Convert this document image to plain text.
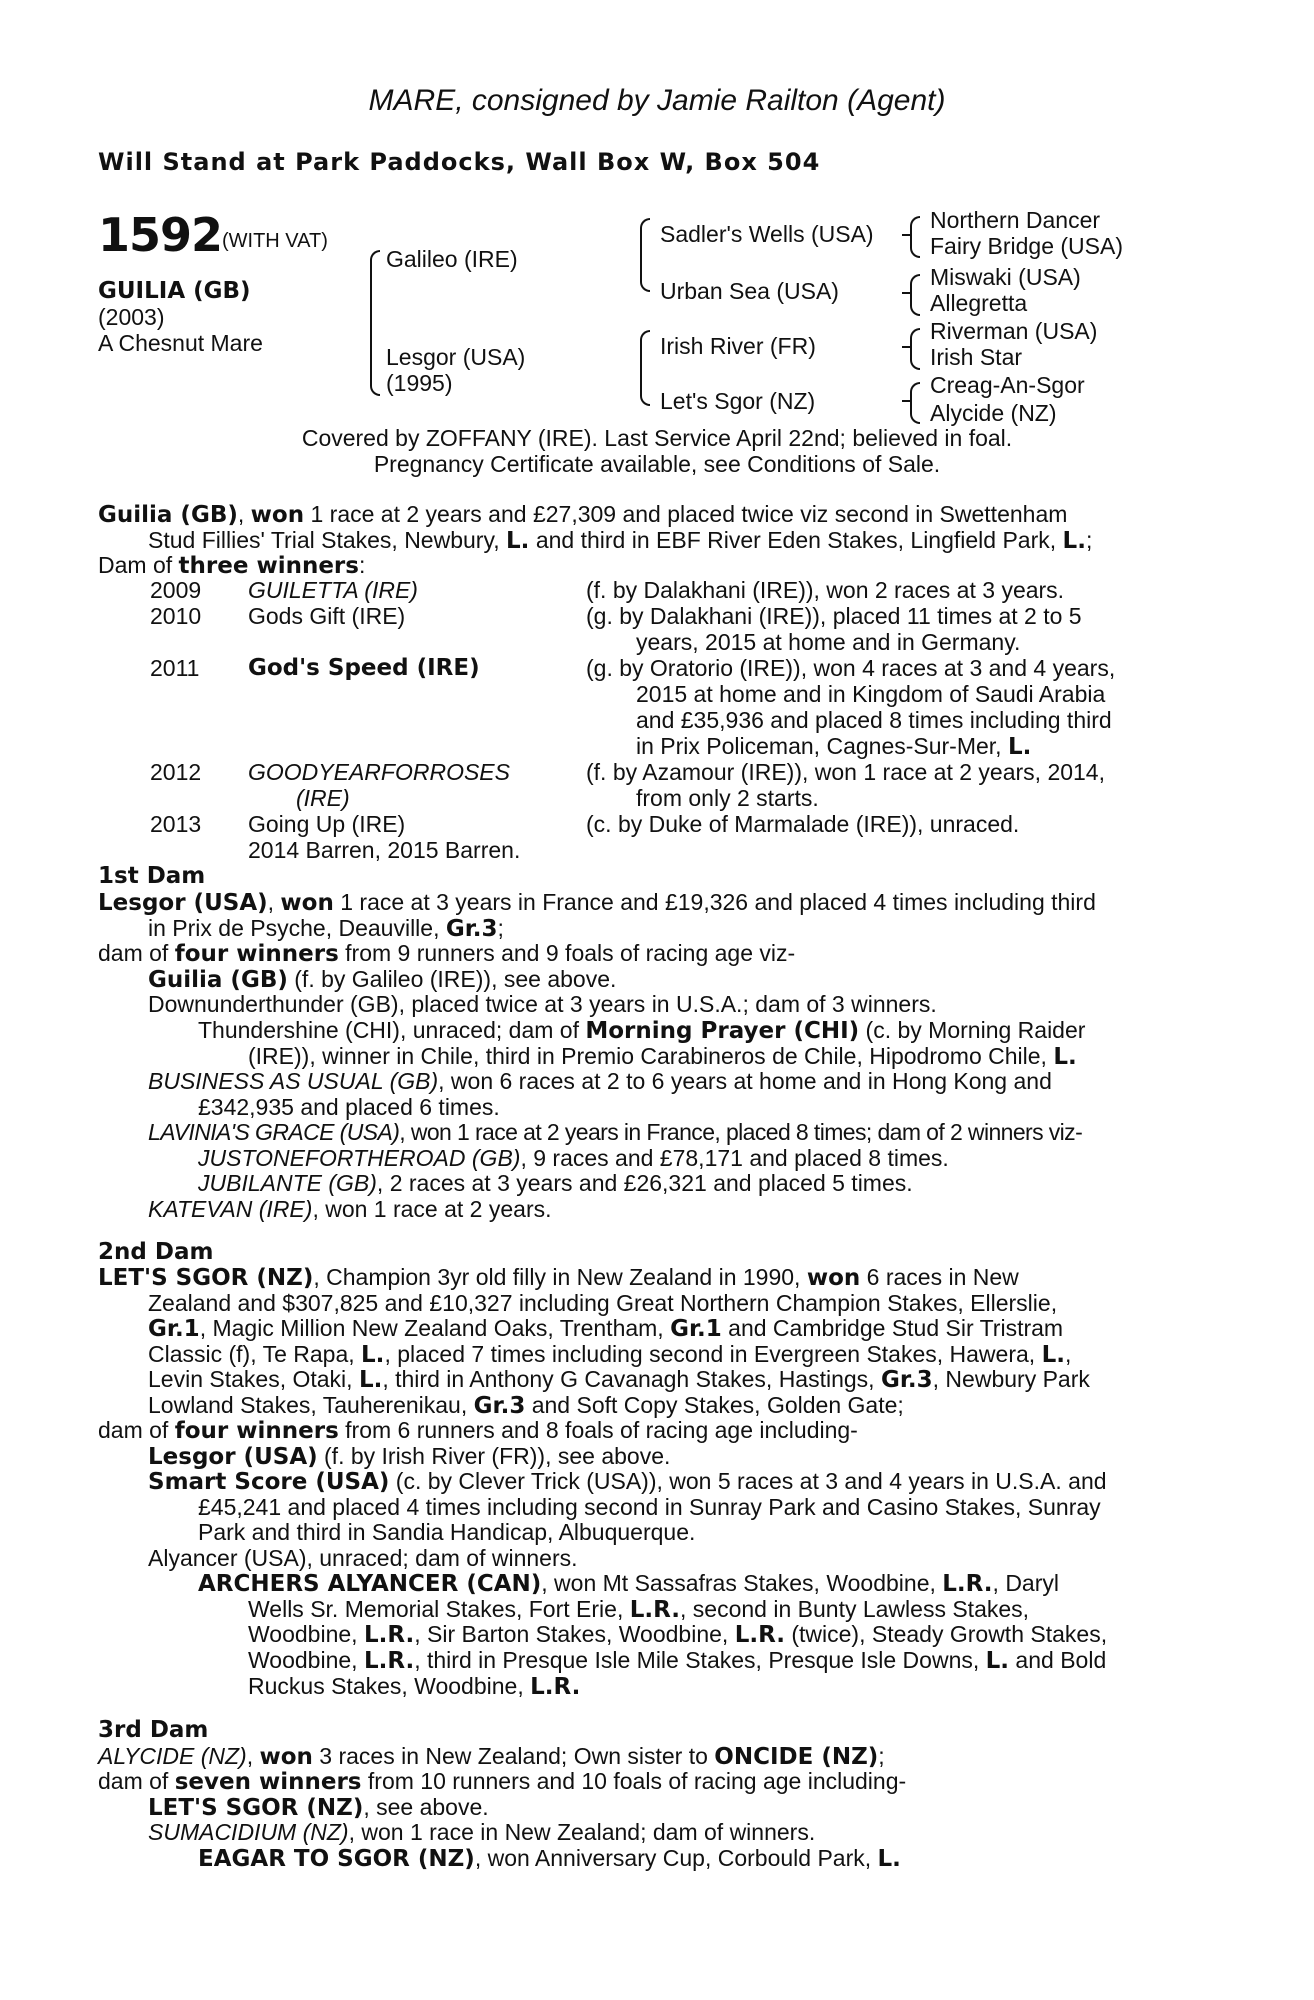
MARE, consigned by Jamie Railton (Agent)
Will Stand at Park Paddocks, Wall Box W, Box 504
1592 (WITH VAT)
GUILIA (GB)
(2003)
A Chesnut Mare
Galileo (IRE)
Lesgor (USA)
(1995)
Sadler's Wells (USA)
Urban Sea (USA)
Irish River (FR)
Let's Sgor (NZ)
Northern Dancer
Fairy Bridge (USA)
Miswaki (USA)
Allegretta
Riverman (USA)
Irish Star
Creag-An-Sgor
Alycide (NZ)
Covered by ZOFFANY (IRE). Last Service April 22nd; believed in foal.
Pregnancy Certificate available, see Conditions of Sale.
Guilia (GB), won 1 race at 2 years and £27,309 and placed twice viz second in Swettenham
Stud Fillies' Trial Stakes, Newbury, L. and third in EBF River Eden Stakes, Lingfield Park, L.;
Dam of three winners:
2009 GUILETTA (IRE)	(f. by Dalakhani (IRE)), won 2 races at 3 years.
2010 Gods Gift (IRE)	(g. by Dalakhani (IRE)), placed 11 times at 2 to 5
years, 2015 at home and in Germany.
2011 God's Speed (IRE)	(g. by Oratorio (IRE)), won 4 races at 3 and 4 years,
2015 at home and in Kingdom of Saudi Arabia
and £35,936 and placed 8 times including third
in Prix Policeman, Cagnes-Sur-Mer, L.
2012 GOODYEARFORROSES
(IRE)
(f. by Azamour (IRE)), won 1 race at 2 years, 2014,
from only 2 starts.
2013 Going Up (IRE)	(c. by Duke of Marmalade (IRE)), unraced.
2014 Barren, 2015 Barren.
1st Dam
Lesgor (USA), won 1 race at 3 years in France and £19,326 and placed 4 times including third
in Prix de Psyche, Deauville, Gr.3;
dam of four winners from 9 runners and 9 foals of racing age viz-
Guilia (GB) (f. by Galileo (IRE)), see above.
Downunderthunder (GB), placed twice at 3 years in U.S.A.; dam of 3 winners.
Thundershine (CHI), unraced; dam of Morning Prayer (CHI) (c. by Morning Raider
(IRE)), winner in Chile, third in Premio Carabineros de Chile, Hipodromo Chile, L.
BUSINESS AS USUAL (GB), won 6 races at 2 to 6 years at home and in Hong Kong and
£342,935 and placed 6 times.
LAVINIA'S GRACE (USA), won 1 race at 2 years in France, placed 8 times; dam of 2 winners viz-
JUSTONEFORTHEROAD (GB), 9 races and £78,171 and placed 8 times.
JUBILANTE (GB), 2 races at 3 years and £26,321 and placed 5 times.
KATEVAN (IRE), won 1 race at 2 years.
2nd Dam
LET'S SGOR (NZ), Champion 3yr old filly in New Zealand in 1990, won 6 races in New
Zealand and $307,825 and £10,327 including Great Northern Champion Stakes, Ellerslie,
Gr.1, Magic Million New Zealand Oaks, Trentham, Gr.1 and Cambridge Stud Sir Tristram
Classic (f), Te Rapa, L., placed 7 times including second in Evergreen Stakes, Hawera, L.,
Levin Stakes, Otaki, L., third in Anthony G Cavanagh Stakes, Hastings, Gr.3, Newbury Park
Lowland Stakes, Tauherenikau, Gr.3 and Soft Copy Stakes, Golden Gate;
dam of four winners from 6 runners and 8 foals of racing age including-
Lesgor (USA) (f. by Irish River (FR)), see above.
Smart Score (USA) (c. by Clever Trick (USA)), won 5 races at 3 and 4 years in U.S.A. and
£45,241 and placed 4 times including second in Sunray Park and Casino Stakes, Sunray
Park and third in Sandia Handicap, Albuquerque.
Alyancer (USA), unraced; dam of winners.
ARCHERS ALYANCER (CAN), won Mt Sassafras Stakes, Woodbine, L.R., Daryl
Wells Sr. Memorial Stakes, Fort Erie, L.R., second in Bunty Lawless Stakes,
Woodbine, L.R., Sir Barton Stakes, Woodbine, L.R. (twice), Steady Growth Stakes,
Woodbine, L.R., third in Presque Isle Mile Stakes, Presque Isle Downs, L. and Bold
Ruckus Stakes, Woodbine, L.R.
3rd Dam
ALYCIDE (NZ), won 3 races in New Zealand; Own sister to ONCIDE (NZ);
dam of seven winners from 10 runners and 10 foals of racing age including-
LET'S SGOR (NZ), see above.
SUMACIDIUM (NZ), won 1 race in New Zealand; dam of winners.
EAGAR TO SGOR (NZ), won Anniversary Cup, Corbould Park, L.
